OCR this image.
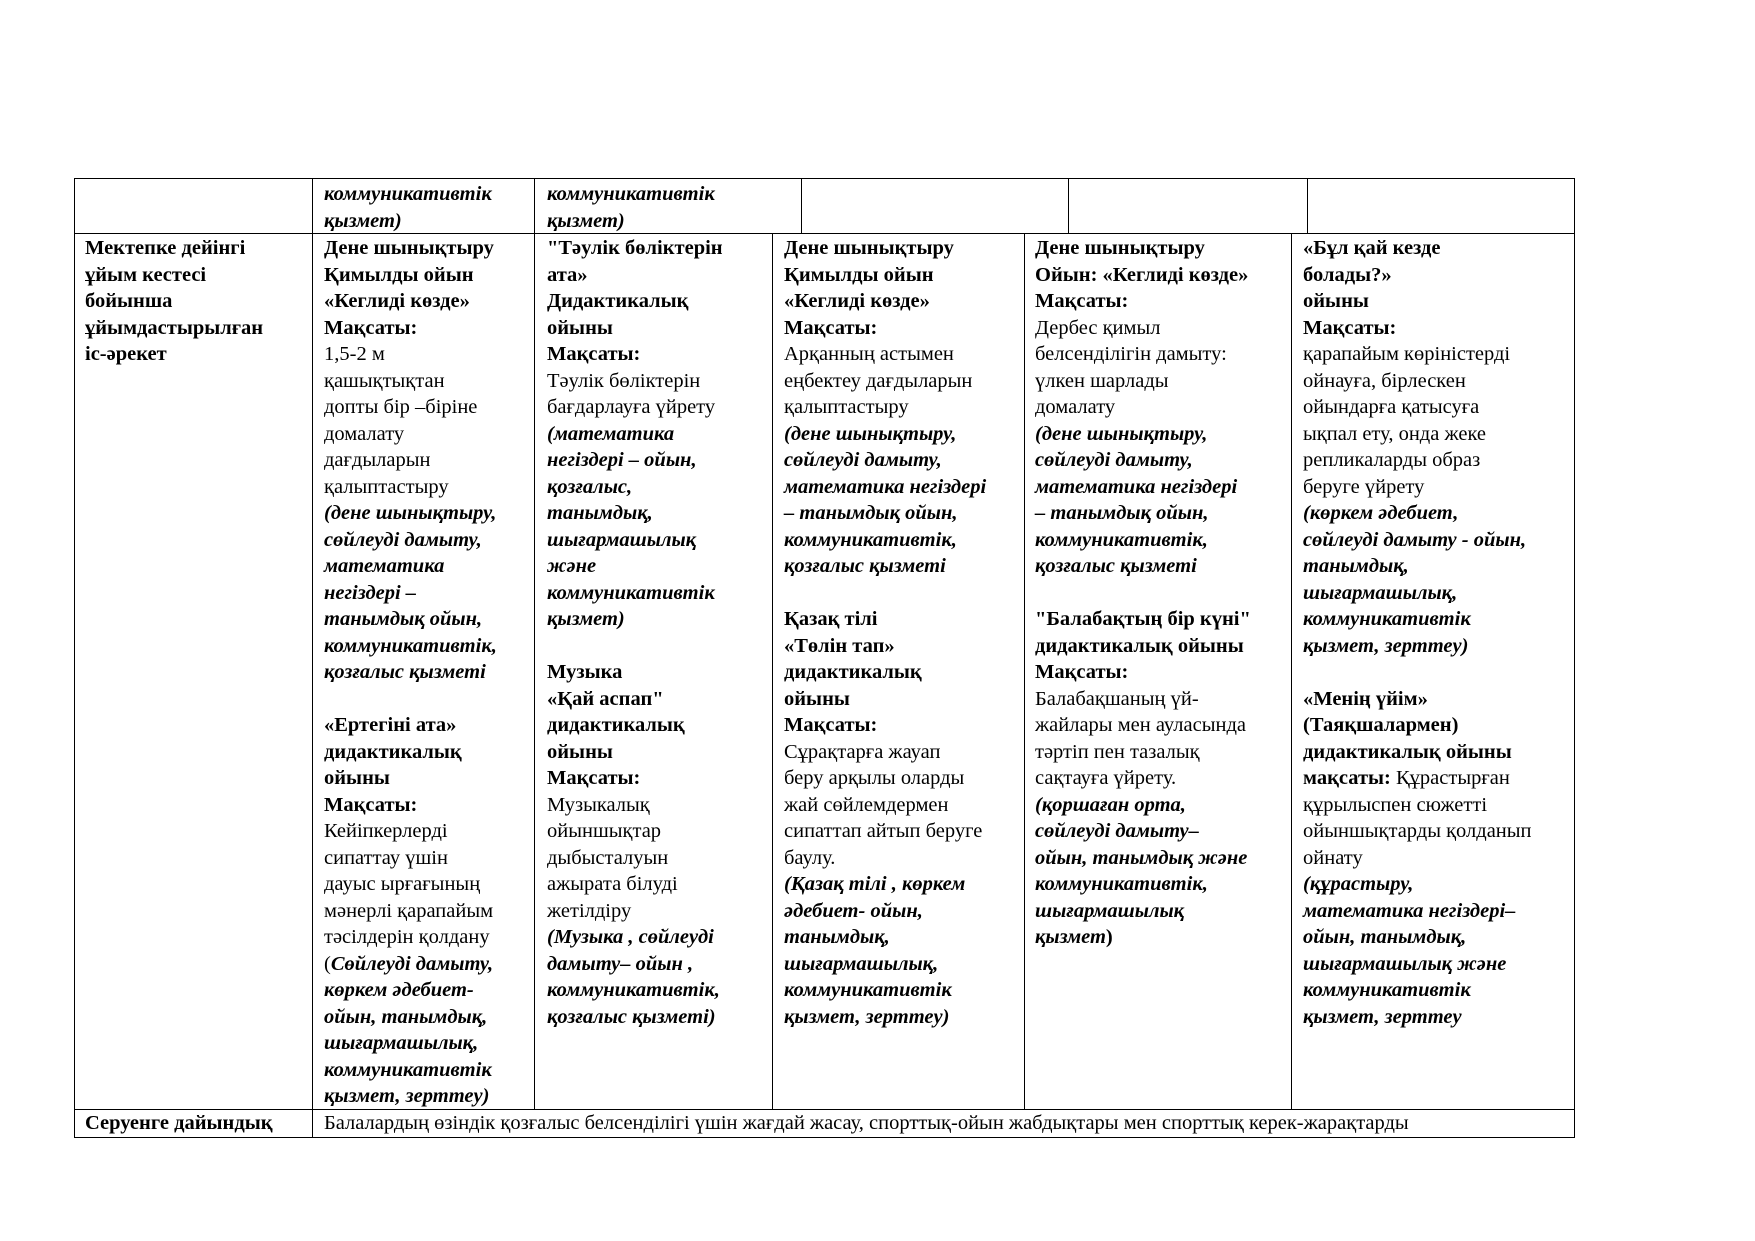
коммуникативтік
қызмет)
коммуникативтік
қызмет)
Мектепке дейінгі
ұйым кестесі
бойынша
ұйымдастырылған
іс-әрекет
Дене шынықтыру
Қимылды ойын
«Кеглиді көзде»
Мақсаты:
1,5-2 м
қашықтықтан
допты бір –біріне
домалату
дағдыларын
қалыптастыру
(дене шынықтыру,
сөйлеуді дамыту,
математика
негіздері –
танымдық ойын,
коммуникативтік,
қозғалыс қызметі
«Ертегіні ата»
дидактикалық
ойыны
Мақсаты:
Кейіпкерлерді
сипаттау үшін
дауыс ырғағының
мәнерлі қарапайым
тәсілдерін қолдану
(Сөйлеуді дамыту,
көркем әдебиет-
ойын, танымдық,
шығармашылық,
коммуникативтік
қызмет, зерттеу)
"Тәулік бөліктерін
ата»
Дидактикалық
ойыны
Мақсаты:
Тәулік бөліктерін
бағдарлауға үйрету
(математика
негіздері – ойын,
қозғалыс,
танымдық,
шығармашылық
және
коммуникативтік
қызмет)
Музыка
«Қай аспап"
дидактикалық
ойыны
Мақсаты:
Музыкалық
ойыншықтар
дыбысталуын
ажырата білуді
жетілдіру
(Музыка , сөйлеуді
дамыту– ойын ,
коммуникативтік,
қозғалыс қызметі)
Дене шынықтыру
Қимылды ойын
«Кеглиді көзде»
Мақсаты:
Арқанның астымен
еңбектеу дағдыларын
қалыптастыру
(дене шынықтыру,
сөйлеуді дамыту,
математика негіздері
– танымдық ойын,
коммуникативтік,
қозғалыс қызметі
Қазақ тілі
«Төлін тап»
дидактикалық
ойыны
Мақсаты:
Сұрақтарға жауап
беру арқылы оларды
жай сөйлемдермен
сипаттап айтып беруге
баулу.
(Қазақ тілі , көркем
әдебиет- ойын,
танымдық,
шығармашылық,
коммуникативтік
қызмет, зерттеу)
Дене шынықтыру
Ойын: «Кеглиді көзде»
Мақсаты:
Дербес қимыл
белсенділігін дамыту:
үлкен шарлады
домалату
(дене шынықтыру,
сөйлеуді дамыту,
математика негіздері
– танымдық ойын,
коммуникативтік,
қозғалыс қызметі
"Балабақтың бір күні"
дидактикалық ойыны
Мақсаты:
Балабақшаның үй-
жайлары мен ауласында
тәртіп пен тазалық
сақтауға үйрету.
(қоршаған орта,
сөйлеуді дамыту–
ойын, танымдық және
коммуникативтік,
шығармашылық
қызмет)
«Бұл қай кезде
болады?»
ойыны
Мақсаты:
қарапайым көріністерді
ойнауға, бірлескен
ойындарға қатысуға
ықпал ету, онда жеке
репликаларды образ
беруге үйрету
(көркем әдебиет,
сөйлеуді дамыту - ойын,
танымдық,
шығармашылық,
коммуникативтік
қызмет, зерттеу)
«Менің үйім»
(Таяқшалармен)
дидактикалық ойыны
мақсаты: Құрастырған
құрылыспен сюжетті
ойыншықтарды қолданып
ойнату
(құрастыру,
математика негіздері–
ойын, танымдық,
шығармашылық және
коммуникативтік
қызмет, зерттеу
Серуенге дайындық	Балалардың өзіндік қозғалыс белсенділігі үшін жағдай жасау, спорттық-ойын жабдықтары мен спорттық керек-жарақтарды
